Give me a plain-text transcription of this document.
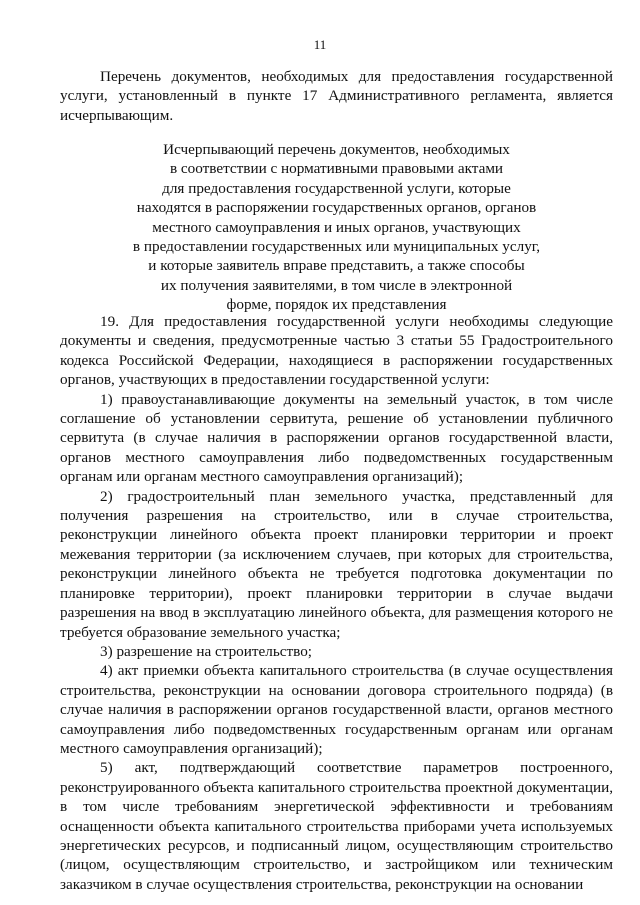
11

Перечень документов, необходимых для предоставления государственной услуги, установленный в пункте 17 Административного регламента, является исчерпывающим.

Исчерпывающий перечень документов, необходимых
в соответствии с нормативными правовыми актами
для предоставления государственной услуги, которые
находятся в распоряжении государственных органов, органов
местного самоуправления и иных органов, участвующих
в предоставлении государственных или муниципальных услуг,
и которые заявитель вправе представить, а также способы
их получения заявителями, в том числе в электронной
форме, порядок их представления

19. Для предоставления государственной услуги необходимы следующие документы и сведения, предусмотренные частью 3 статьи 55 Градостроительного кодекса Российской Федерации, находящиеся в распоряжении государственных органов, участвующих в предоставлении государственной услуги:

1) правоустанавливающие документы на земельный участок, в том числе соглашение об установлении сервитута, решение об установлении публичного сервитута (в случае наличия в распоряжении органов государственной власти, органов местного самоуправления либо подведомственных государственным органам или органам местного самоуправления организаций);

2) градостроительный план земельного участка, представленный для получения разрешения на строительство, или в случае строительства, реконструкции линейного объекта проект планировки территории и проект межевания территории (за исключением случаев, при которых для строительства, реконструкции линейного объекта не требуется подготовка документации по планировке территории), проект планировки территории в случае выдачи разрешения на ввод в эксплуатацию линейного объекта, для размещения которого не требуется образование земельного участка;

3) разрешение на строительство;

4) акт приемки объекта капитального строительства (в случае осуществления строительства, реконструкции на основании договора строительного подряда) (в случае наличия в распоряжении органов государственной власти, органов местного самоуправления либо подведомственных государственным органам или органам местного самоуправления организаций);

5) акт, подтверждающий соответствие параметров построенного, реконструированного объекта капитального строительства проектной документации, в том числе требованиям энергетической эффективности и требованиям оснащенности объекта капитального строительства приборами учета используемых энергетических ресурсов, и подписанный лицом, осуществляющим строительство (лицом, осуществляющим строительство, и застройщиком или техническим заказчиком в случае осуществления строительства, реконструкции на основании
